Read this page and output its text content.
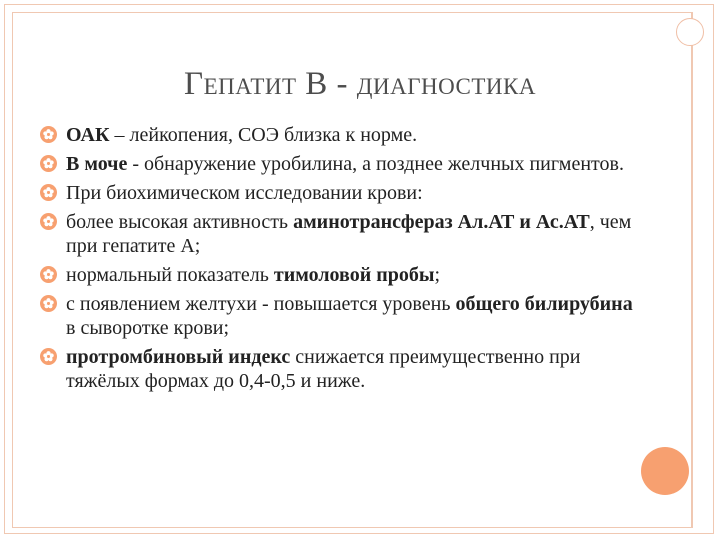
Гепатит В - диагностика
ОАК – лейкопения, СОЭ близка к норме.
В моче - обнаружение уробилина, а позднее желчных пигментов.
При биохимическом исследовании крови:
более высокая активность аминотрансфераз Ал.АТ и Ас.АТ, чем при гепатите А;
нормальный показатель тимоловой пробы;
с появлением желтухи - повышается уровень общего билирубина в сыворотке крови;
протромбиновый индекс снижается преимущественно при тяжёлых формах до 0,4-0,5 и ниже.
